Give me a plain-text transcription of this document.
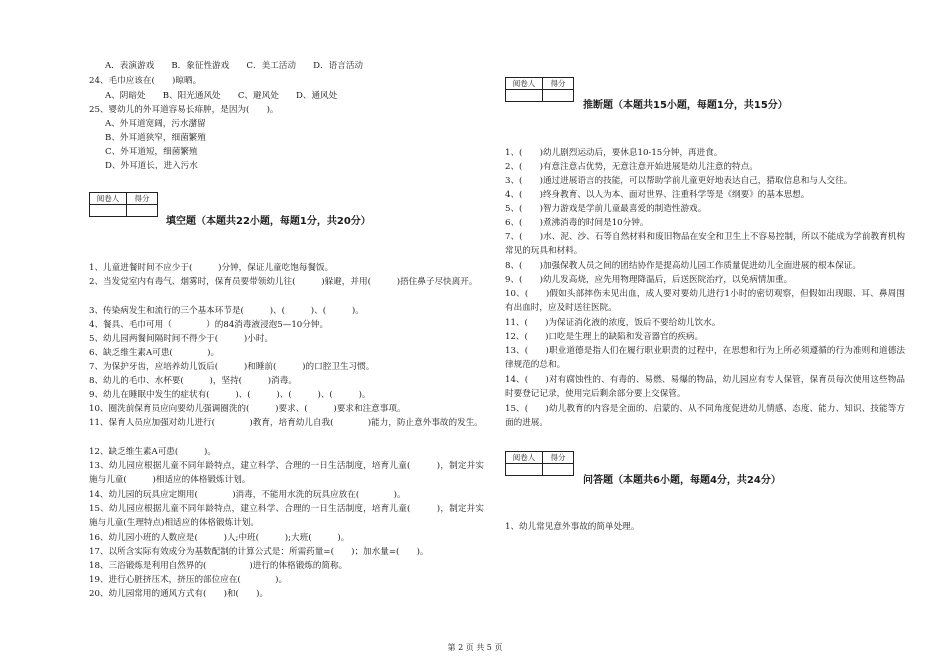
A．表演游戏　　B．象征性游戏　　C．美工活动　　D．语言活动
24、毛巾应该在(　　)晾晒。
A、阴暗处　　B、阳光通风处　　C、避风处　　D、通风处
25、婴幼儿的外耳道容易长痱肿，是因为(　　)。
A、外耳道宽阔，污水潴留
B、外耳道狭窄，细菌繁殖
C、外耳道短，细菌繁殖
D、外耳道长，进入污水
阅卷人	得分

填空题（本题共22小题，每题1分，共20分）
1、儿童进餐时间不应少于(　　　)分钟，保证儿童吃饱每餐饭。
2、当发觉室内有毒气、烟雾时，保育员要带领幼儿往(　　　)躲避，并用(　　　)捂住鼻子尽快离开。
3、传染病发生和流行的三个基本环节是(　　　)、(　　　)、(　　　)。
4、餐具、毛巾可用（　　　　）的84消毒液浸泡5—10分钟。
5、幼儿园两餐间隔时间不得少于(　　　)小时。
6、缺乏维生素A可患(　　　　)。
7、为保护牙齿，应培养幼儿饭后(　　　)和睡前(　　　)的口腔卫生习惯。
8、幼儿的毛巾、水杯要(　　　)，坚持(　　　)消毒。
9、幼儿在睡眠中发生的症状有(　　　)、(　　　)、(　　　)、(　　　)。
10、圈洗前保育员应向要幼儿强调圈洗的(　　　)要求、(　　　)要求和注意事项。
11、保育人员应加强对幼儿进行(　　　　)教育，培育幼儿自我(　　　　)能力，防止意外事故的发生。
12、缺乏维生素A可患(　　　)。
13、幼儿园应根据儿童不同年龄特点，建立科学、合理的一日生活制度，培育儿童(　　　)，制定并实施与儿童(　　　)相适应的体格锻炼计划。
14、幼儿园的玩具应定期用(　　　　)消毒，不能用水洗的玩具应放在(　　　　)。
15、幼儿园应根据儿童不同年龄特点，建立科学、合理的一日生活制度，培育儿童(　　　)，制定并实施与儿童(生理特点)相适应的体格锻炼计划。
16、幼儿园小班的人数应是(　　　)人;中班(　　　);大班(　　　)。
17、以所含实际有效成分为基数配制的计算公式是：所需药量=(　　)；加水量=(　　)。
18、三浴锻炼是利用自然界的(　　　　　)进行的体格锻炼的简称。
19、进行心脏挤压术，挤压的部位应在(　　　　)。
20、幼儿园常用的通风方式有(　　)和(　　)。
阅卷人	得分

推断题（本题共15小题，每题1分，共15分）
1、(　　)幼儿剧烈运动后，要休息10-15分钟，再进食。
2、(　　)有意注意占优势，无意注意开始进展是幼儿注意的特点。
3、(　　)通过进展语言的技能，可以帮助学前儿童更好地表达自己，猎取信息和与人交往。
4、(　　)终身教育、以人为本、面对世界、注重科学等是《纲要》的基本思想。
5、(　　)智力游戏是学前儿童最喜爱的制造性游戏。
6、(　　)煮沸消毒的时间是10分钟。
7、(　　)水、泥、沙、石等自然材料和废旧物品在安全和卫生上不容易控制，所以不能成为学前教育机构常见的玩具和材料。
8、(　　)加强保教人员之间的团结协作是提高幼儿园工作质量促进幼儿全面进展的根本保证。
9、(　　)幼儿发高烧，应先用物理降温后，后送医院治疗，以免病情加重。
10、(　　)假如头部摔伤未见出血，成人要对要幼儿进行1小时的密切观察，但假如出现眼、耳、鼻周围有出血时，应及时送往医院。
11、(　　)为保证消化液的浓度，饭后不要给幼儿饮水。
12、(　　)口吃是生理上的缺陷和发音器官的疾病。
13、(　　)职业道德是指人们在履行职业职责的过程中，在思想和行为上所必须遵循的行为准则和道德法律规范的总和。
14、(　　)对有腐蚀性的、有毒的、易燃、易爆的物品，幼儿园应有专人保管，保育员每次使用这些物品时要登记记录，使用完后剩余部分要上交保管。
15、(　　)幼儿教育的内容是全面的、启蒙的、从不同角度促进幼儿情感、态度、能力、知识、技能等方面的进展。
阅卷人	得分

问答题（本题共6小题，每题4分，共24分）
1、幼儿常见意外事故的简单处理。
第 2 页 共 5 页
